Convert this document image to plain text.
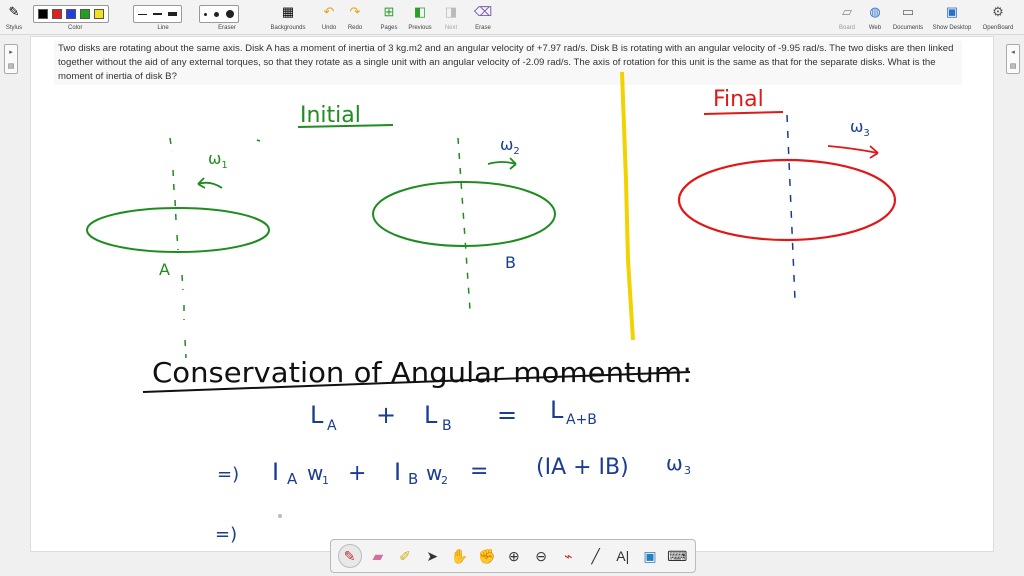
✎
Stylus	Color	Line	Eraser
▦
Backgrounds
↶
Undo
↷
Redo
⊞
Pages
◧
Previous
◨
Next
⌫
Erase
▱
Board
◍
Web
▭
Documents
▣
Show Desktop
⚙
OpenBoard
▸
▤
◂
▤
Two disks are rotating about the same axis. Disk A has a moment of inertia of 3 kg.m2 and an angular velocity of +7.97 rad/s. Disk B is rotating with an angular velocity of -9.95 rad/s. The two disks are then linked together without the aid of any external torques, so that they rotate as a single unit with an angular velocity of -2.09 rad/s. The axis of rotation for this unit is the same as that for the separate disks. What is the moment of inertia of disk B?
Initial
Final
$\omega_1$
A
$\omega_2$
B
$\omega_3$
Conservation of Angular momentum:
L A + L B = L A+B
=) I A w
1 + I B w
2 = (IA + IB) ω 3
=)
✎ ▰ ✐ ➤ ✋ ✊ ⊕ ⊖ ⌁ ╱ A| ▣ ⌨
